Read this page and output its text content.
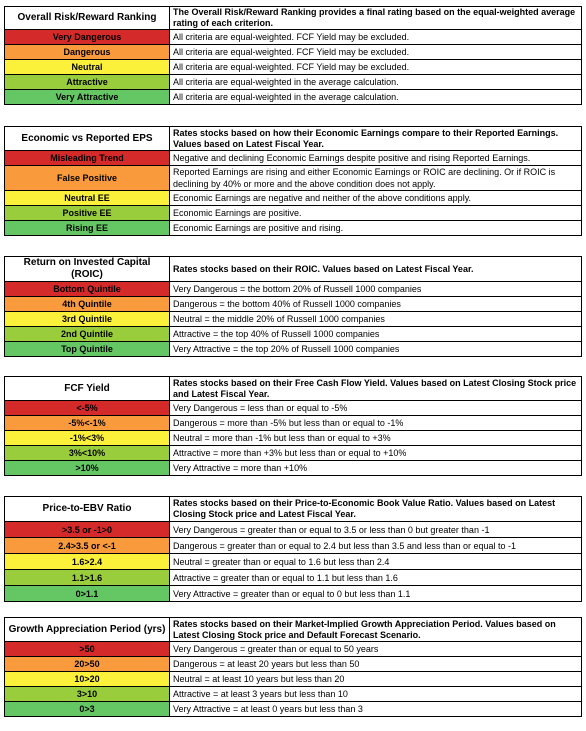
Overall Risk/Reward Ranking	The Overall Risk/Reward Ranking provides a final rating based on the equal-weighted average rating of each criterion.
Very Dangerous	All criteria are equal-weighted. FCF Yield may be excluded.
Dangerous	All criteria are equal-weighted. FCF Yield may be excluded.
Neutral	All criteria are equal-weighted. FCF Yield may be excluded.
Attractive	All criteria are equal-weighted in the average calculation.
Very Attractive	All criteria are equal-weighted in the average calculation.
Economic vs Reported EPS	Rates stocks based on how their Economic Earnings compare to their Reported Earnings. Values based on Latest Fiscal Year.
Misleading Trend	Negative and declining Economic Earnings despite positive and rising Reported Earnings.
False Positive	Reported Earnings are rising and either Economic Earnings or ROIC are declining. Or if ROIC is declining by 40% or more and the above condition does not apply.
Neutral EE	Economic Earnings are negative and neither of the above conditions apply.
Positive EE	Economic Earnings are positive.
Rising EE	Economic Earnings are positive and rising.
Return on Invested Capital (ROIC)	Rates stocks based on their ROIC. Values based on Latest Fiscal Year.
Bottom Quintile	Very Dangerous = the bottom 20% of Russell 1000 companies
4th Quintile	Dangerous = the bottom 40% of Russell 1000 companies
3rd Quintile	Neutral = the middle 20% of Russell 1000 companies
2nd Quintile	Attractive = the top 40% of Russell 1000 companies
Top Quintile	Very Attractive = the top 20% of Russell 1000 companies
FCF Yield	Rates stocks based on their Free Cash Flow Yield. Values based on Latest Closing Stock price and Latest Fiscal Year.
<-5%	Very Dangerous = less than or equal to -5%
-5%<-1%	Dangerous = more than -5% but less than or equal to -1%
-1%<3%	Neutral = more than -1% but less than or equal to +3%
3%<10%	Attractive = more than +3% but less than or equal to +10%
>10%	Very Attractive = more than +10%
Price-to-EBV Ratio	Rates stocks based on their Price-to-Economic Book Value Ratio. Values based on Latest Closing Stock price and Latest Fiscal Year.
>3.5 or -1>0	Very Dangerous = greater than or equal to 3.5 or less than 0 but greater than -1
2.4>3.5 or <-1	Dangerous = greater than or equal to 2.4 but less than 3.5 and less than or equal to -1
1.6>2.4	Neutral = greater than or equal to 1.6 but less than 2.4
1.1>1.6	Attractive = greater than or equal to 1.1 but less than 1.6
0>1.1	Very Attractive = greater than or equal to 0 but less than 1.1
Growth Appreciation Period (yrs)	Rates stocks based on their Market-Implied Growth Appreciation Period. Values based on Latest Closing Stock price and Default Forecast Scenario.
>50	Very Dangerous = greater than or equal to 50 years
20>50	Dangerous = at least 20 years but less than 50
10>20	Neutral = at least 10 years but less than 20
3>10	Attractive = at least 3 years but less than 10
0>3	Very Attractive = at least 0 years but less than 3
